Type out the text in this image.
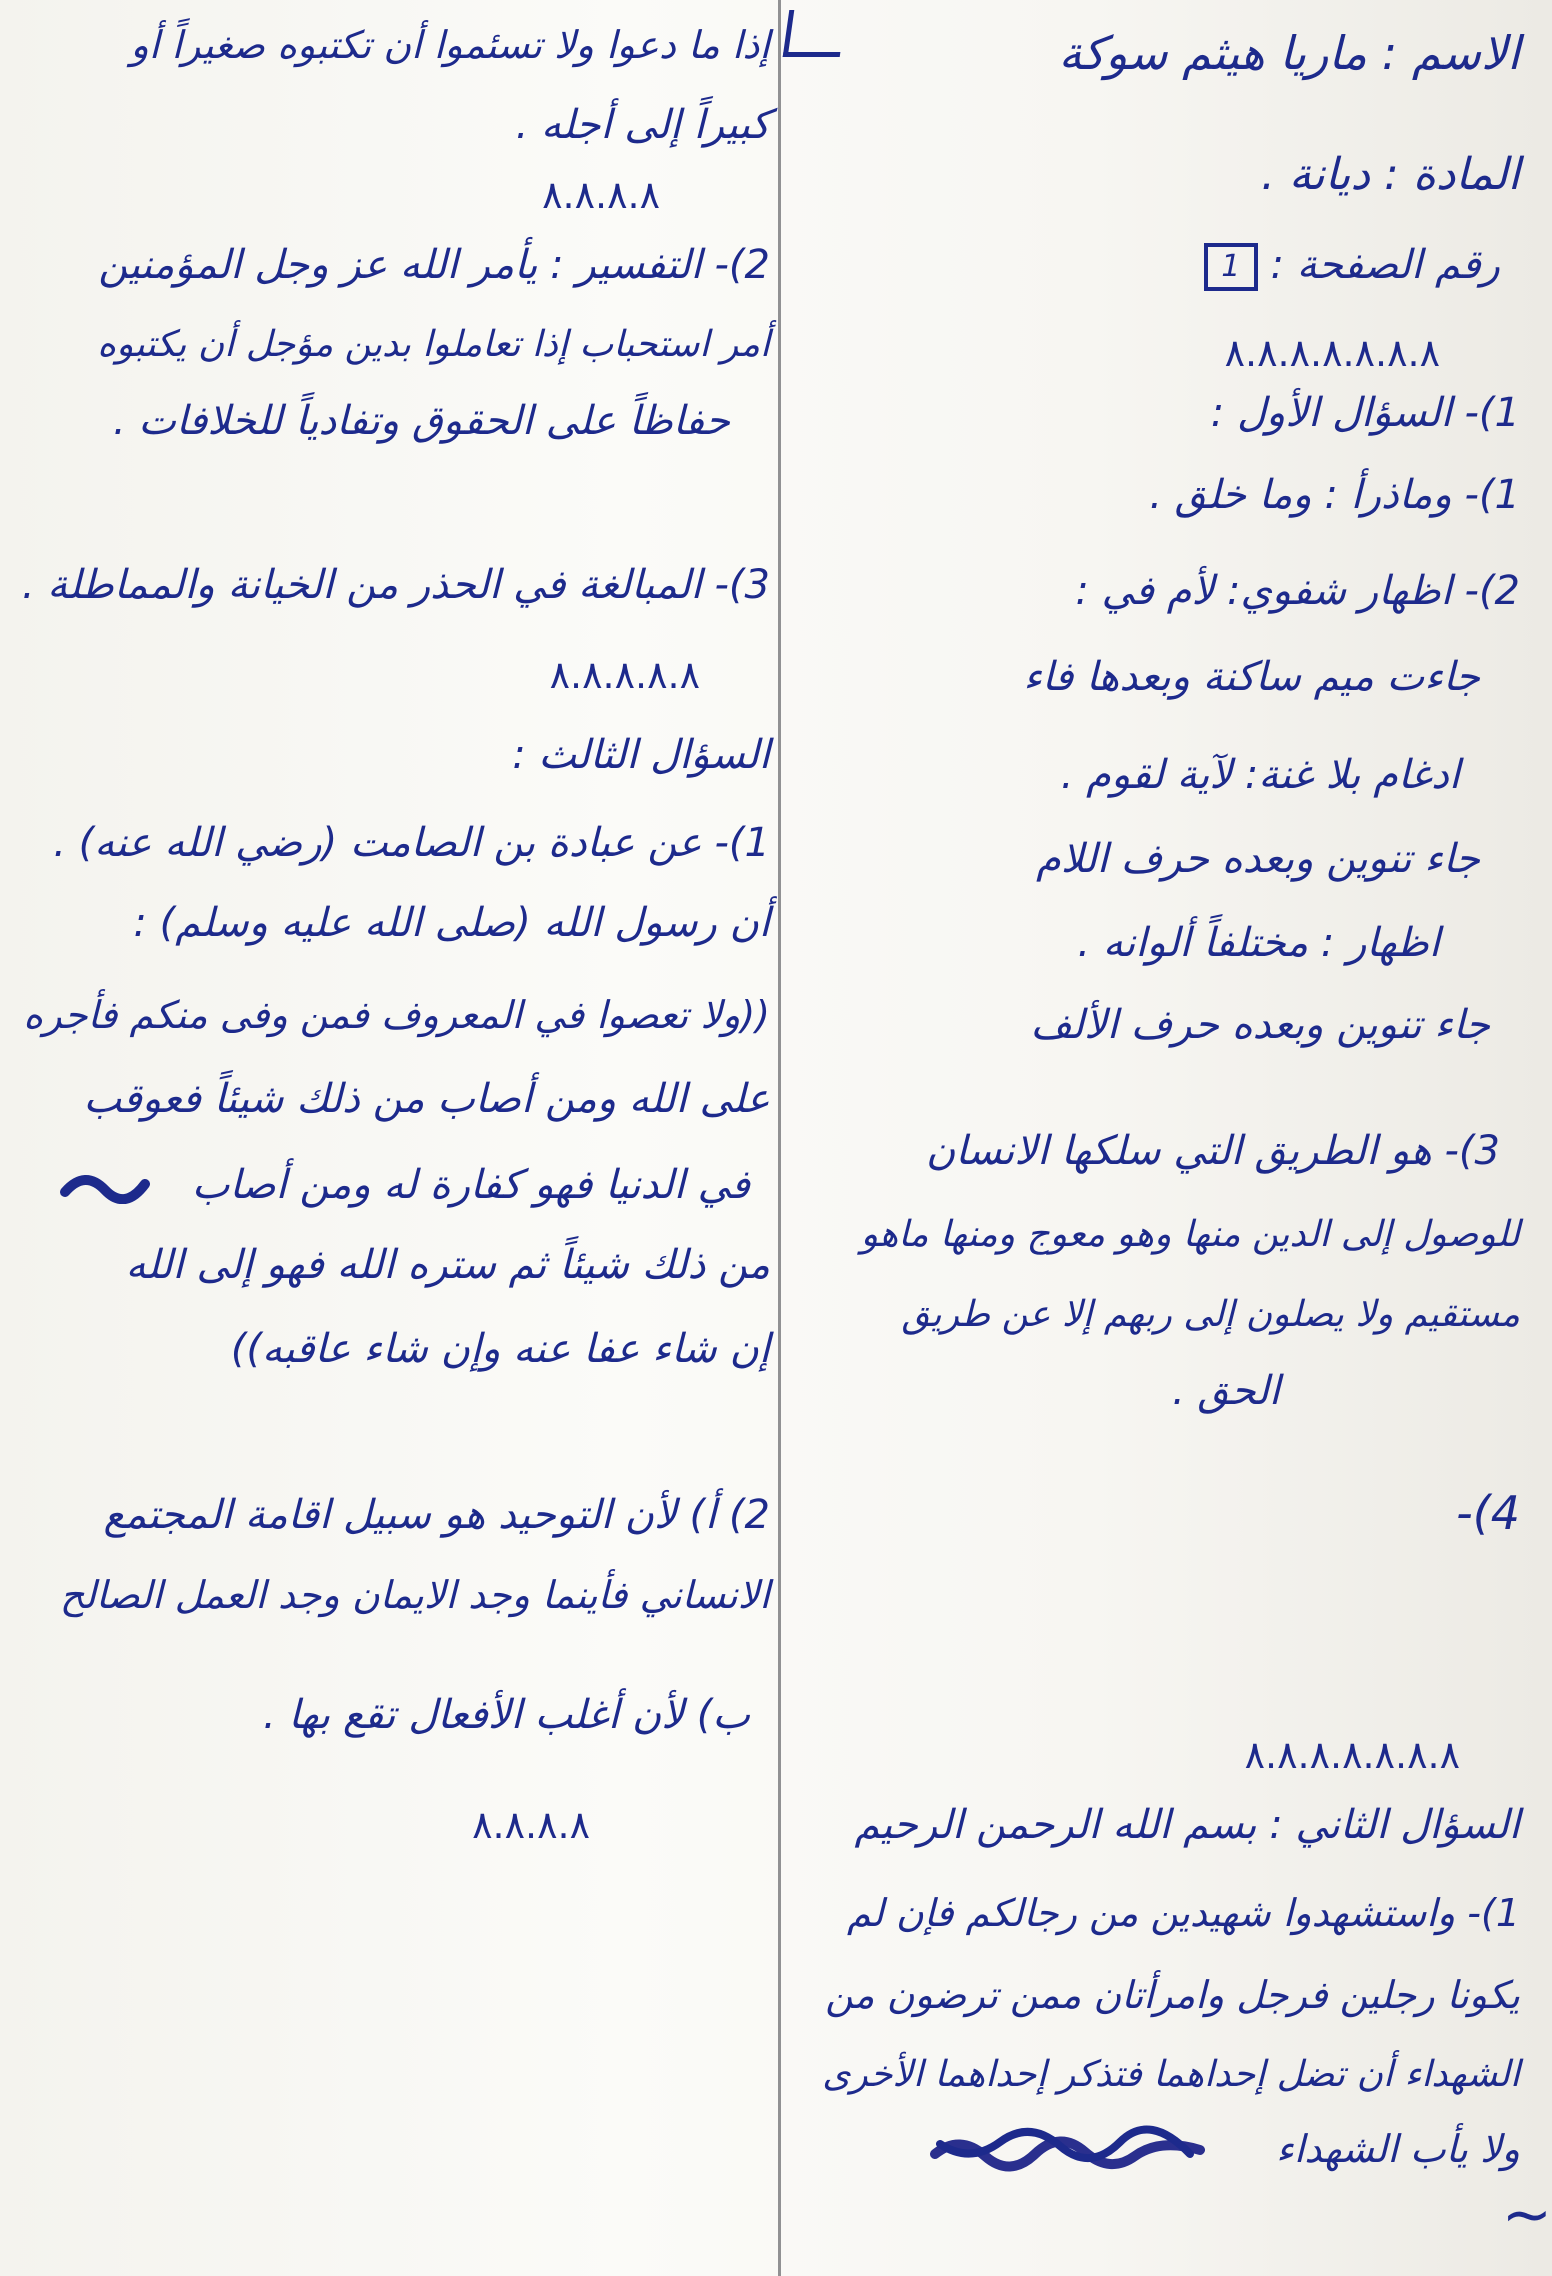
الاسم : ماريا هيثم سوكة
المادة : ديانة .
رقم الصفحة : 1
٨.٨.٨.٨.٨.٨.٨
1)- السؤال الأول :
1)- وماذرأ : وما خلق .
2)- اظهار شفوي: لأم في :
جاءت ميم ساكنة وبعدها فاء
ادغام بلا غنة: لآية لقوم .
جاء تنوين وبعده حرف اللام
اظهار : مختلفاً ألوانه .
جاء تنوين وبعده حرف الألف
3)- هو الطريق التي سلكها الانسان
للوصول إلى الدين منها وهو معوج ومنها ماهو
مستقيم ولا يصلون إلى ربهم إلا عن طريق
الحق .
4)-
٨.٨.٨.٨.٨.٨.٨
السؤال الثاني : بسم الله الرحمن الرحيم
1)- واستشهدوا شهيدين من رجالكم فإن لم
يكونا رجلين فرجل وامرأتان ممن ترضون من
الشهداء أن تضل إحداهما فتذكر إحداهما الأخرى
ولا يأب الشهداء
إذا ما دعوا ولا تسئموا أن تكتبوه صغيراً أو
كبيراً إلى أجله .
٨.٨.٨.٨
2)- التفسير : يأمر الله عز وجل المؤمنين
أمر استحباب إذا تعاملوا بدين مؤجل أن يكتبوه
حفاظاً على الحقوق وتفادياً للخلافات .
3)- المبالغة في الحذر من الخيانة والمماطلة .
٨.٨.٨.٨.٨
السؤال الثالث :
1)- عن عبادة بن الصامت (رضي الله عنه) .
أن رسول الله (صلى الله عليه وسلم) :
((ولا تعصوا في المعروف فمن وفى منكم فأجره
على الله ومن أصاب من ذلك شيئاً فعوقب
في الدنيا فهو كفارة له ومن أصاب
من ذلك شيئاً ثم ستره الله فهو إلى الله
إن شاء عفا عنه وإن شاء عاقبه))
2) أ) لأن التوحيد هو سبيل اقامة المجتمع
الانساني فأينما وجد الايمان وجد العمل الصالح
ب) لأن أغلب الأفعال تقع بها .
٨.٨.٨.٨
~
